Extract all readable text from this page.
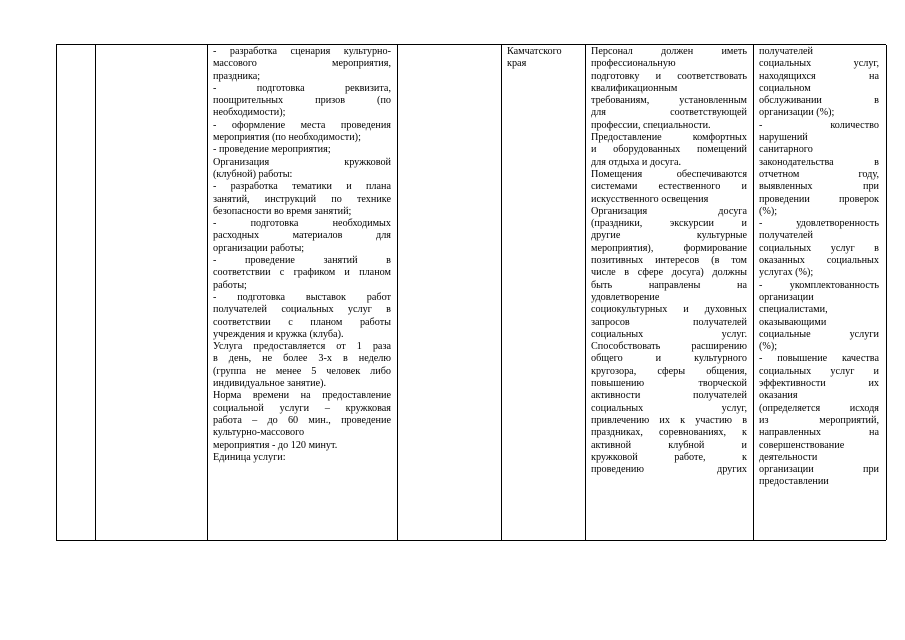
- разработка сценария культурно-
массового мероприятия,
праздника;
- подготовка реквизита,
поощрительных призов (по
необходимости);
- оформление места проведения
мероприятия (по необходимости);
- проведение мероприятия;
Организация кружковой
(клубной) работы:
- разработка тематики и плана
занятий, инструкций по технике
безопасности во время занятий;
- подготовка необходимых
расходных материалов для
организации работы;
- проведение занятий в
соответствии с графиком и планом
работы;
- подготовка выставок работ
получателей социальных услуг в
соответствии с планом работы
учреждения и кружка (клуба).
Услуга предоставляется от 1 раза
в день, не более 3-х в неделю
(группа не менее 5 человек либо
индивидуальное занятие).
Норма времени на предоставление
социальной услуги – кружковая
работа – до 60 мин., проведение
культурно-массового
мероприятия - до 120 минут.
Единица услуги:
Камчатского
края
Персонал должен иметь
профессиональную
подготовку и соответствовать
квалификационным
требованиям, установленным
для соответствующей
профессии, специальности.
Предоставление комфортных
и оборудованных помещений
для отдыха и досуга.
Помещения обеспечиваются
системами естественного и
искусственного освещения
Организация досуга
(праздники, экскурсии и
другие культурные
мероприятия), формирование
позитивных интересов (в том
числе в сфере досуга) должны
быть направлены на
удовлетворение
социокультурных и духовных
запросов получателей
социальных услуг.
Способствовать расширению
общего и культурного
кругозора, сферы общения,
повышению творческой
активности получателей
социальных услуг,
привлечению их к участию в
праздниках, соревнованиях, к
активной клубной и
кружковой работе, к
проведению других
получателей
социальных услуг,
находящихся на
социальном
обслуживании в
организации (%);
- количество
нарушений
санитарного
законодательства в
отчетном году,
выявленных при
проведении проверок
(%);
- удовлетворенность
получателей
социальных услуг в
оказанных социальных
услугах (%);
- укомплектованность
организации
специалистами,
оказывающими
социальные услуги
(%);
- повышение качества
социальных услуг и
эффективности их
оказания
(определяется исходя
из мероприятий,
направленных на
совершенствование
деятельности
организации при
предоставлении
